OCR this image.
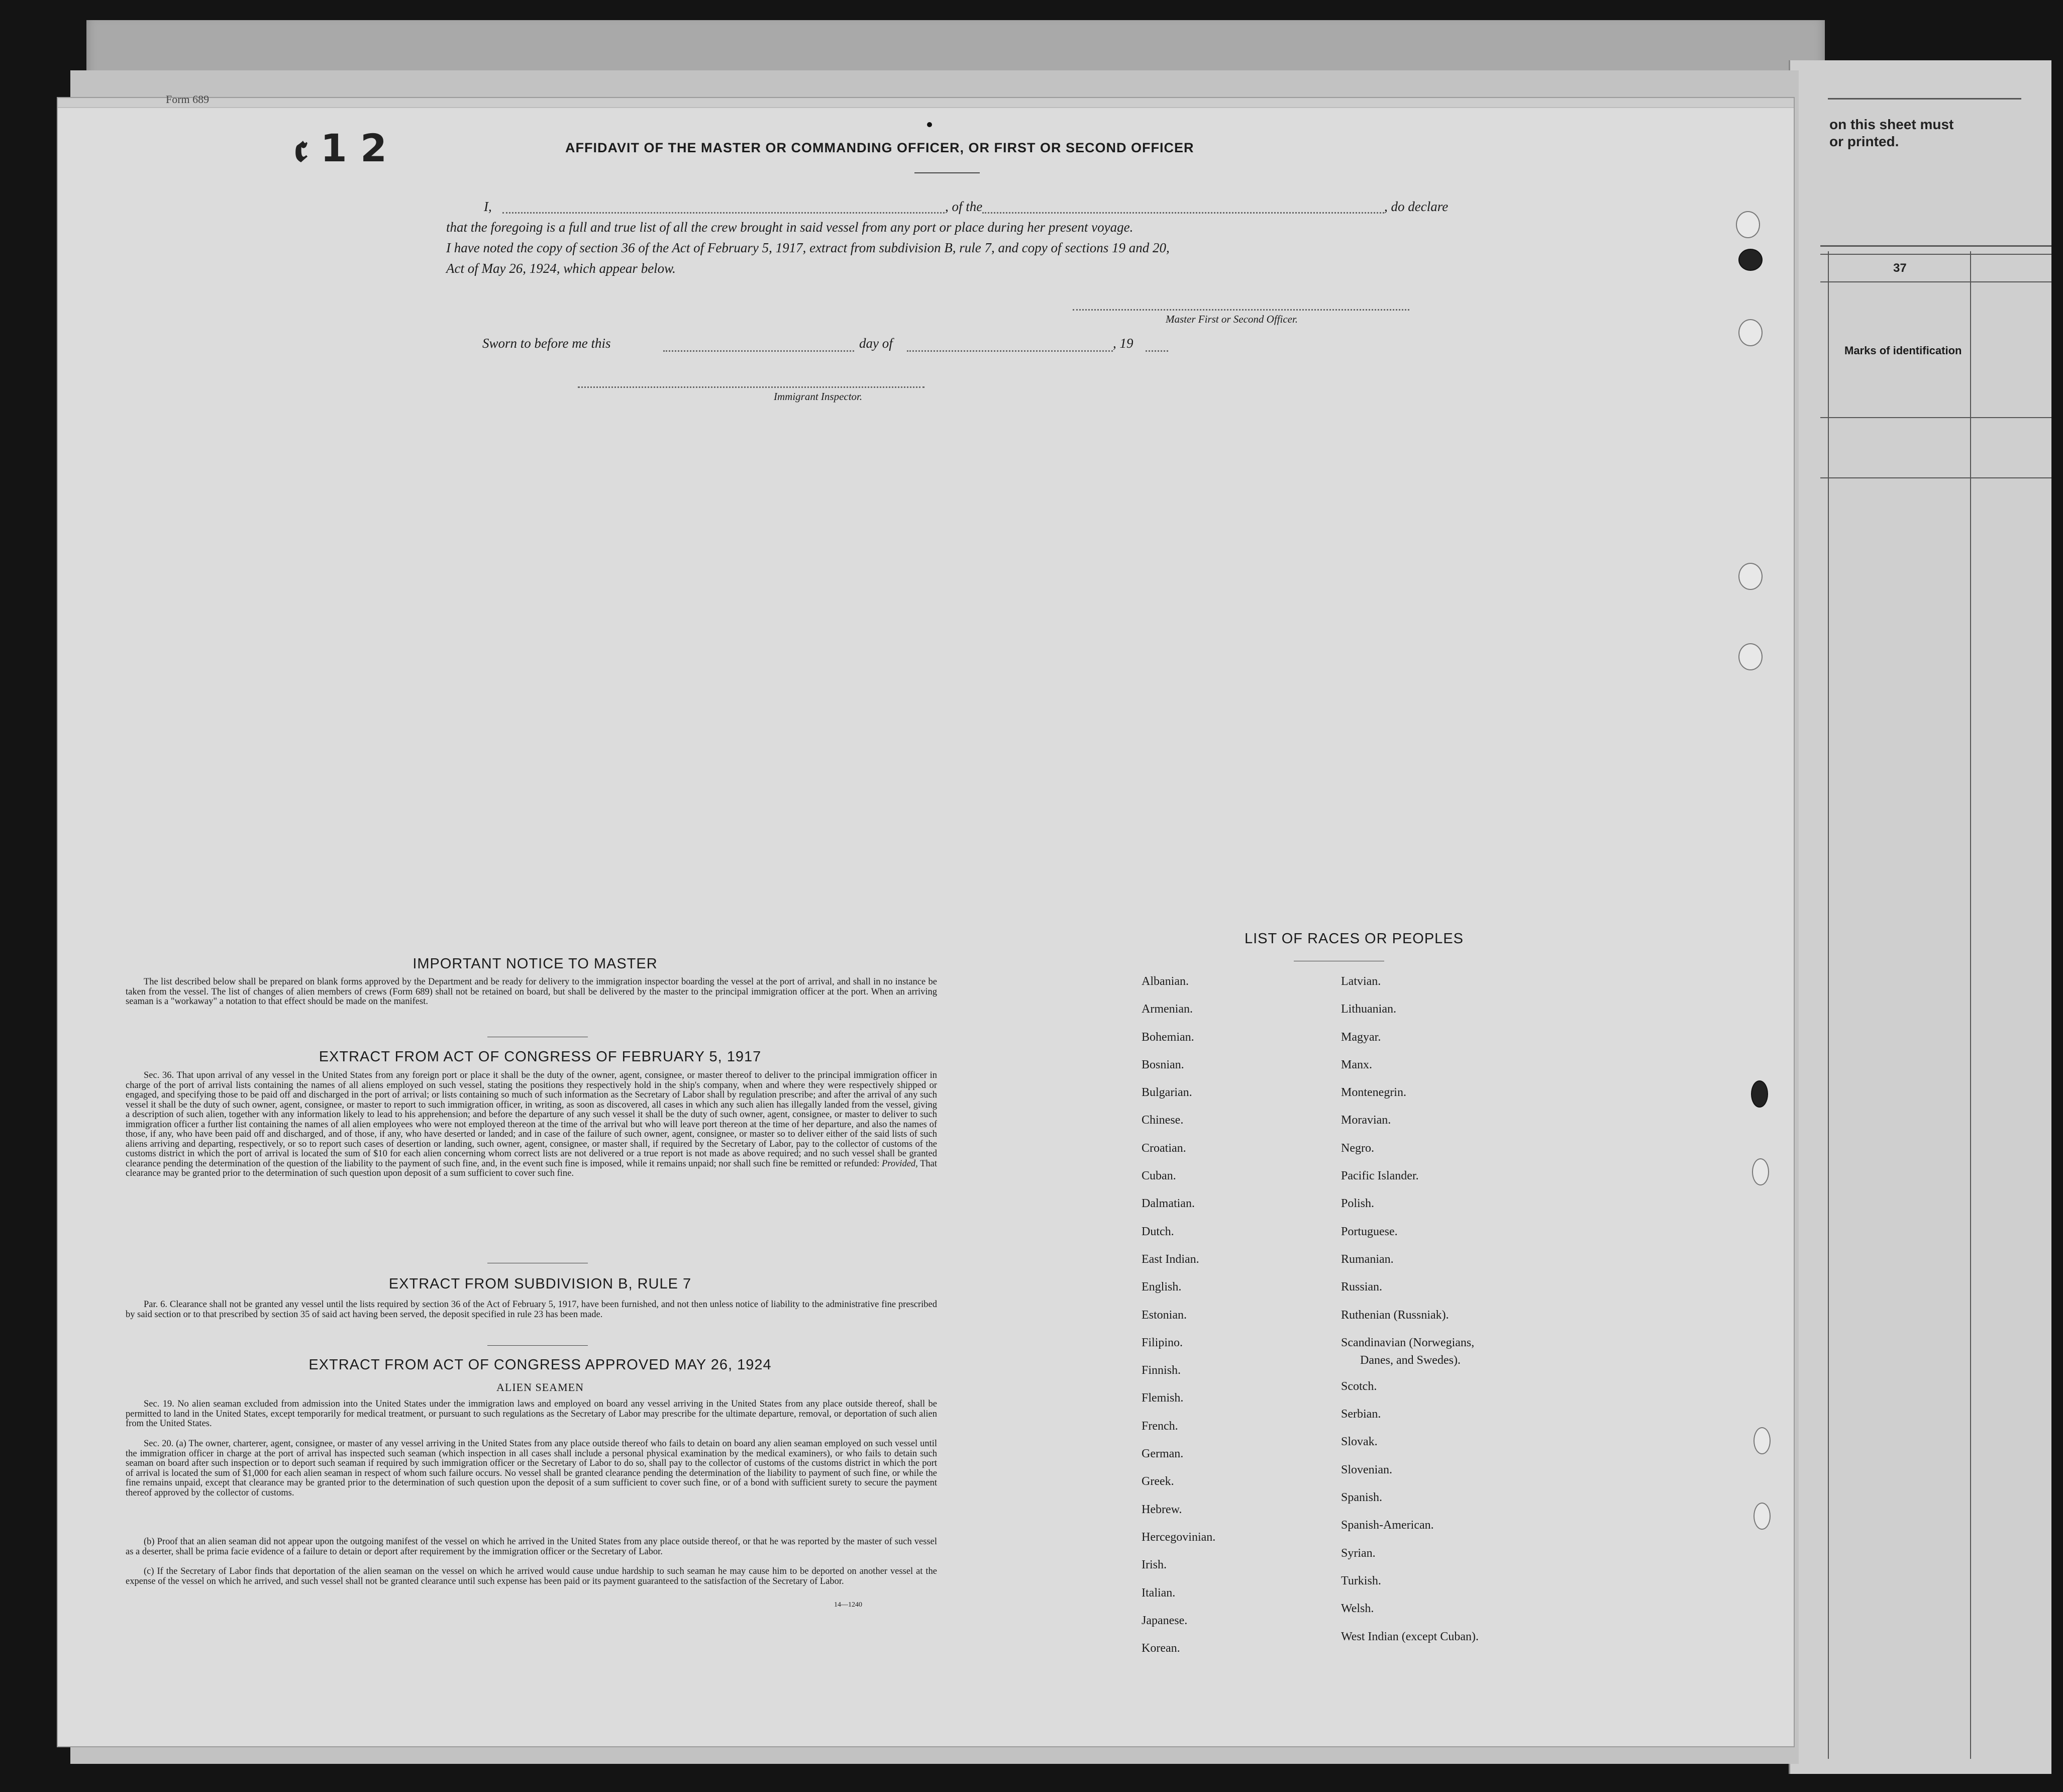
on this sheet must
or printed.
37
Marks of identification
Form 689
𝖈 1 2	AFFIDAVIT OF THE MASTER OR COMMANDING OFFICER, OR FIRST OR SECOND OFFICER
I,	, of the	, do declare
that the foregoing is a full and true list of all the crew brought in said vessel from any port or place during her present voyage.
I have noted the copy of section 36 of the Act of February 5, 1917, extract from subdivision B, rule 7, and copy of sections 19 and 20,
Act of May 26, 1924, which appear below.
Master First or Second Officer.
Sworn to before me this	day of	, 19
Immigrant Inspector.
IMPORTANT NOTICE TO MASTER
The list described below shall be prepared on blank forms approved by the Department and be ready for delivery to the immigration inspector boarding the vessel at the port of arrival, and shall in no instance be taken from the vessel. The list of changes of alien members of crews (Form 689) shall not be retained on board, but shall be delivered by the master to the principal immigration officer at the port. When an arriving seaman is a "workaway" a notation to that effect should be made on the manifest.
EXTRACT FROM ACT OF CONGRESS OF FEBRUARY 5, 1917
Sec. 36. That upon arrival of any vessel in the United States from any foreign port or place it shall be the duty of the owner, agent, consignee, or master thereof to deliver to the principal immigration officer in charge of the port of arrival lists containing the names of all aliens employed on such vessel, stating the positions they respectively hold in the ship's company, when and where they were respectively shipped or engaged, and specifying those to be paid off and discharged in the port of arrival; or lists containing so much of such information as the Secretary of Labor shall by regulation prescribe; and after the arrival of any such vessel it shall be the duty of such owner, agent, consignee, or master to report to such immigration officer, in writing, as soon as discovered, all cases in which any such alien has illegally landed from the vessel, giving a description of such alien, together with any information likely to lead to his apprehension; and before the departure of any such vessel it shall be the duty of such owner, agent, consignee, or master to deliver to such immigration officer a further list containing the names of all alien employees who were not employed thereon at the time of the arrival but who will leave port thereon at the time of her departure, and also the names of those, if any, who have been paid off and discharged, and of those, if any, who have deserted or landed; and in case of the failure of such owner, agent, consignee, or master so to deliver either of the said lists of such aliens arriving and departing, respectively, or so to report such cases of desertion or landing, such owner, agent, consignee, or master shall, if required by the Secretary of Labor, pay to the collector of customs of the customs district in which the port of arrival is located the sum of $10 for each alien concerning whom correct lists are not delivered or a true report is not made as above required; and no such vessel shall be granted clearance pending the determination of the question of the liability to the payment of such fine, and, in the event such fine is imposed, while it remains unpaid; nor shall such fine be remitted or refunded: Provided, That clearance may be granted prior to the determination of such question upon deposit of a sum sufficient to cover such fine.
EXTRACT FROM SUBDIVISION B, RULE 7
Par. 6. Clearance shall not be granted any vessel until the lists required by section 36 of the Act of February 5, 1917, have been furnished, and not then unless notice of liability to the administrative fine prescribed by said section or to that prescribed by section 35 of said act having been served, the deposit specified in rule 23 has been made.
EXTRACT FROM ACT OF CONGRESS APPROVED MAY 26, 1924
ALIEN SEAMEN
Sec. 19. No alien seaman excluded from admission into the United States under the immigration laws and employed on board any vessel arriving in the United States from any place outside thereof, shall be permitted to land in the United States, except temporarily for medical treatment, or pursuant to such regulations as the Secretary of Labor may prescribe for the ultimate departure, removal, or deportation of such alien from the United States.
Sec. 20. (a) The owner, charterer, agent, consignee, or master of any vessel arriving in the United States from any place outside thereof who fails to detain on board any alien seaman employed on such vessel until the immigration officer in charge at the port of arrival has inspected such seaman (which inspection in all cases shall include a personal physical examination by the medical examiners), or who fails to detain such seaman on board after such inspection or to deport such seaman if required by such immigration officer or the Secretary of Labor to do so, shall pay to the collector of customs of the customs district in which the port of arrival is located the sum of $1,000 for each alien seaman in respect of whom such failure occurs. No vessel shall be granted clearance pending the determination of the liability to payment of such fine, or while the fine remains unpaid, except that clearance may be granted prior to the determination of such question upon the deposit of a sum sufficient to cover such fine, or of a bond with sufficient surety to secure the payment thereof approved by the collector of customs.
(b) Proof that an alien seaman did not appear upon the outgoing manifest of the vessel on which he arrived in the United States from any place outside thereof, or that he was reported by the master of such vessel as a deserter, shall be prima facie evidence of a failure to detain or deport after requirement by the immigration officer or the Secretary of Labor.
(c) If the Secretary of Labor finds that deportation of the alien seaman on the vessel on which he arrived would cause undue hardship to such seaman he may cause him to be deported on another vessel at the expense of the vessel on which he arrived, and such vessel shall not be granted clearance until such expense has been paid or its payment guaranteed to the satisfaction of the Secretary of Labor.
14—1240
LIST OF RACES OR PEOPLES
Albanian.
Armenian.
Bohemian.
Bosnian.
Bulgarian.
Chinese.
Croatian.
Cuban.
Dalmatian.
Dutch.
East Indian.
English.
Estonian.
Filipino.
Finnish.
Flemish.
French.
German.
Greek.
Hebrew.
Hercegovinian.
Irish.
Italian.
Japanese.
Korean.
Latvian.
Lithuanian.
Magyar.
Manx.
Montenegrin.
Moravian.
Negro.
Pacific Islander.
Polish.
Portuguese.
Rumanian.
Russian.
Ruthenian (Russniak).
Scandinavian (Norwegians,
Danes, and Swedes).
Scotch.
Serbian.
Slovak.
Slovenian.
Spanish.
Spanish-American.
Syrian.
Turkish.
Welsh.
West Indian (except Cuban).
